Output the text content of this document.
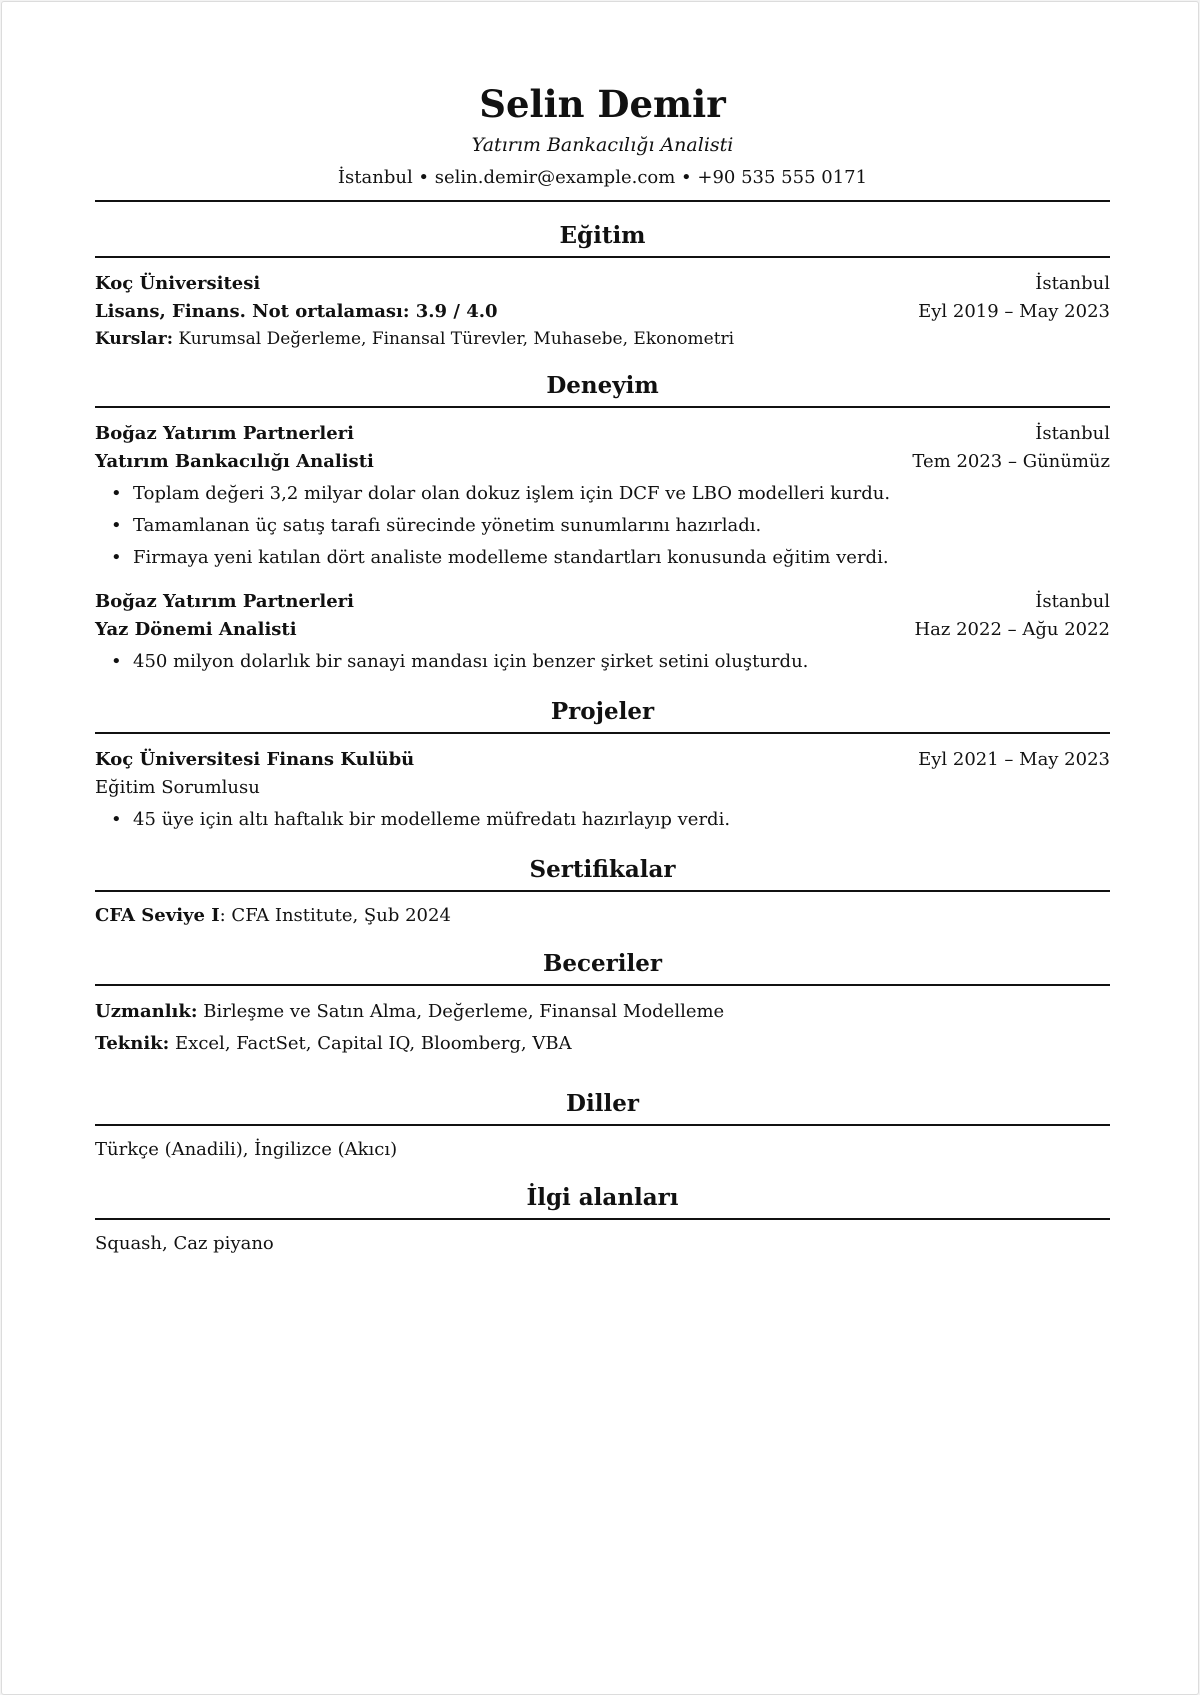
Selin Demir
Yatırım Bankacılığı Analisti
İstanbul • selin.demir@example.com • +90 535 555 0171
Eğitim
Koç Üniversitesi	İstanbul
Lisans, Finans. Not ortalaması: 3.9 / 4.0	Eyl 2019 – May 2023
Kurslar: Kurumsal Değerleme, Finansal Türevler, Muhasebe, Ekonometri
Deneyim
Boğaz Yatırım Partnerleri	İstanbul
Yatırım Bankacılığı Analisti	Tem 2023 – Günümüz
• Toplam değeri 3,2 milyar dolar olan dokuz işlem için DCF ve LBO modelleri kurdu.
• Tamamlanan üç satış tarafı sürecinde yönetim sunumlarını hazırladı.
• Firmaya yeni katılan dört analiste modelleme standartları konusunda eğitim verdi.
Boğaz Yatırım Partnerleri	İstanbul
Yaz Dönemi Analisti	Haz 2022 – Ağu 2022
• 450 milyon dolarlık bir sanayi mandası için benzer şirket setini oluşturdu.
Projeler
Koç Üniversitesi Finans Kulübü	Eyl 2021 – May 2023
Eğitim Sorumlusu
• 45 üye için altı haftalık bir modelleme müfredatı hazırlayıp verdi.
Sertifikalar
CFA Seviye I: CFA Institute, Şub 2024
Beceriler
Uzmanlık: Birleşme ve Satın Alma, Değerleme, Finansal Modelleme
Teknik: Excel, FactSet, Capital IQ, Bloomberg, VBA
Diller
Türkçe (Anadili), İngilizce (Akıcı)
İlgi alanları
Squash, Caz piyano
